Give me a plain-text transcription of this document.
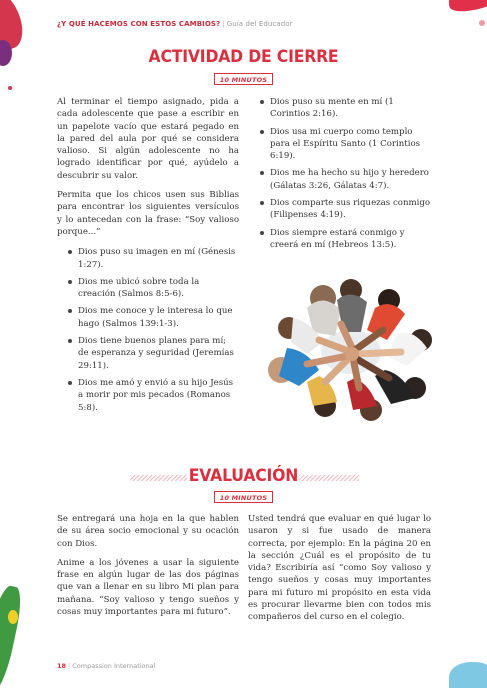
¿Y QUÉ HACEMOS CON ESTOS CAMBIOS? | Guía del Educador
ACTIVIDAD DE CIERRE
10 MINUTOS

Al terminar el tiempo asignado, pida a cada adolescente que pase a escribir en un papelote vacío que estará pegado en la pared del aula por qué se considera valioso. Si algún adolescente no ha logrado identificar por qué, ayúdelo a descubrir su valor.

Permita que los chicos usen sus Biblias para encontrar los siguientes versículos y lo antecedan con la frase: “Soy valioso porque...”

Dios puso su imagen en mí (Génesis 1:27).
Dios me ubicó sobre toda la creación (Salmos 8:5-6).
Dios me conoce y le interesa lo que hago (Salmos 139:1-3).
Dios tiene buenos planes para mí; de esperanza y seguridad (Jeremías 29:11).
Dios me amó y envió a su hijo Jesús a morir por mis pecados (Romanos 5:8).
Dios puso su mente en mí (1 Corintios 2:16).
Dios usa mi cuerpo como templo para el Espíritu Santo (1 Corintios 6:19).
Dios me ha hecho su hijo y heredero (Gálatas 3:26, Gálatas 4:7).
Dios comparte sus riquezas conmigo (Filipenses 4:19).
Dios siempre estará conmigo y creerá en mí (Hebreos 13:5).
EVALUACIÓN
10 MINUTOS

Se entregará una hoja en la que hablen de su área socio emocional y su ocación con Dios.

Anime a los jóvenes a usar la siguiente frase en algún lugar de las dos páginas que van a llenar en su libro Mi plan para mañana. “Soy valioso y tengo sueños y cosas muy importantes para mi futuro”.

Usted tendrá que evaluar en qué lugar lo usaron y si fue usado de manera correcta, por ejemplo: En la página 20 en la sección ¿Cuál es el propósito de tu vida? Escribiría así “como Soy valioso y tengo sueños y cosas muy importantes para mi futuro mi propósito en esta vida es procurar llevarme bien con todos mis compañeros del curso en el colegio.

18 | Compassion International
